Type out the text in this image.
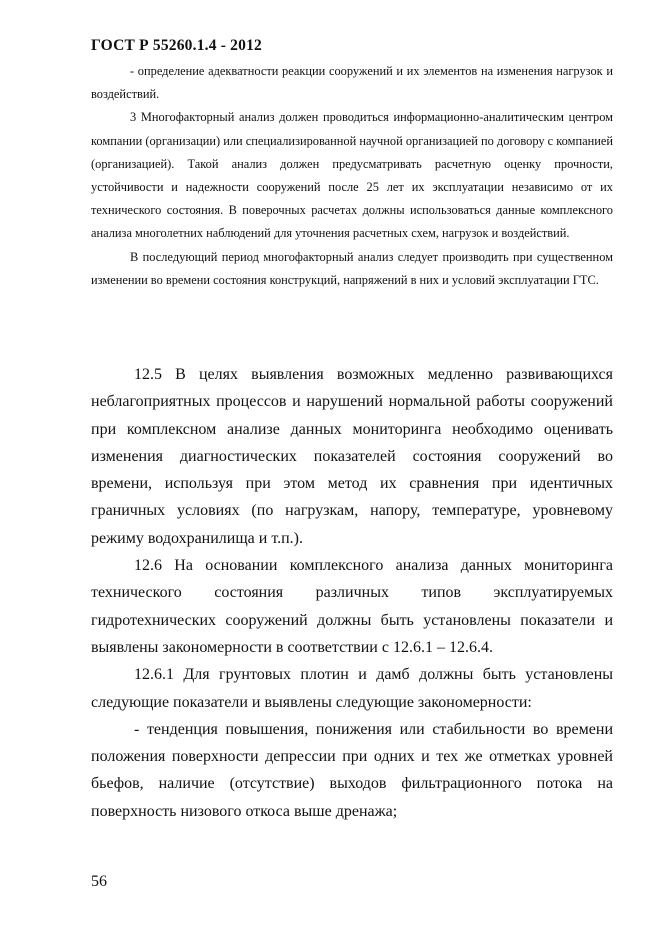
ГОСТ Р 55260.1.4 - 2012

- определение адекватности реакции сооружений и их элементов на изменения нагрузок и воздействий.

3 Многофакторный анализ должен проводиться информационно-аналитическим центром компании (организации) или специализированной научной организацией по договору с компанией (организацией). Такой анализ должен предусматривать расчетную оценку прочности, устойчивости и надежности сооружений после 25 лет их эксплуатации независимо от их технического состояния. В поверочных расчетах должны использоваться данные комплексного анализа многолетних наблюдений для уточнения расчетных схем, нагрузок и воздействий.

В последующий период многофакторный анализ следует производить при существенном изменении во времени состояния конструкций, напряжений в них и условий эксплуатации ГТС.

12.5 В целях выявления возможных медленно развивающихся неблагоприятных процессов и нарушений нормальной работы сооружений при комплексном анализе данных мониторинга необходимо оценивать изменения диагностических показателей состояния сооружений во времени, используя при этом метод их сравнения при идентичных граничных условиях (по нагрузкам, напору, температуре, уровневому режиму водохранилища и т.п.).

12.6 На основании комплексного анализа данных мониторинга технического состояния различных типов эксплуатируемых гидротехнических сооружений должны быть установлены показатели и выявлены закономерности в соответствии с 12.6.1 – 12.6.4.

12.6.1 Для грунтовых плотин и дамб должны быть установлены следующие показатели и выявлены следующие закономерности:

- тенденция повышения, понижения или стабильности во времени положения поверхности депрессии при одних и тех же отметках уровней бьефов, наличие (отсутствие) выходов фильтрационного потока на поверхность низового откоса выше дренажа;

56
